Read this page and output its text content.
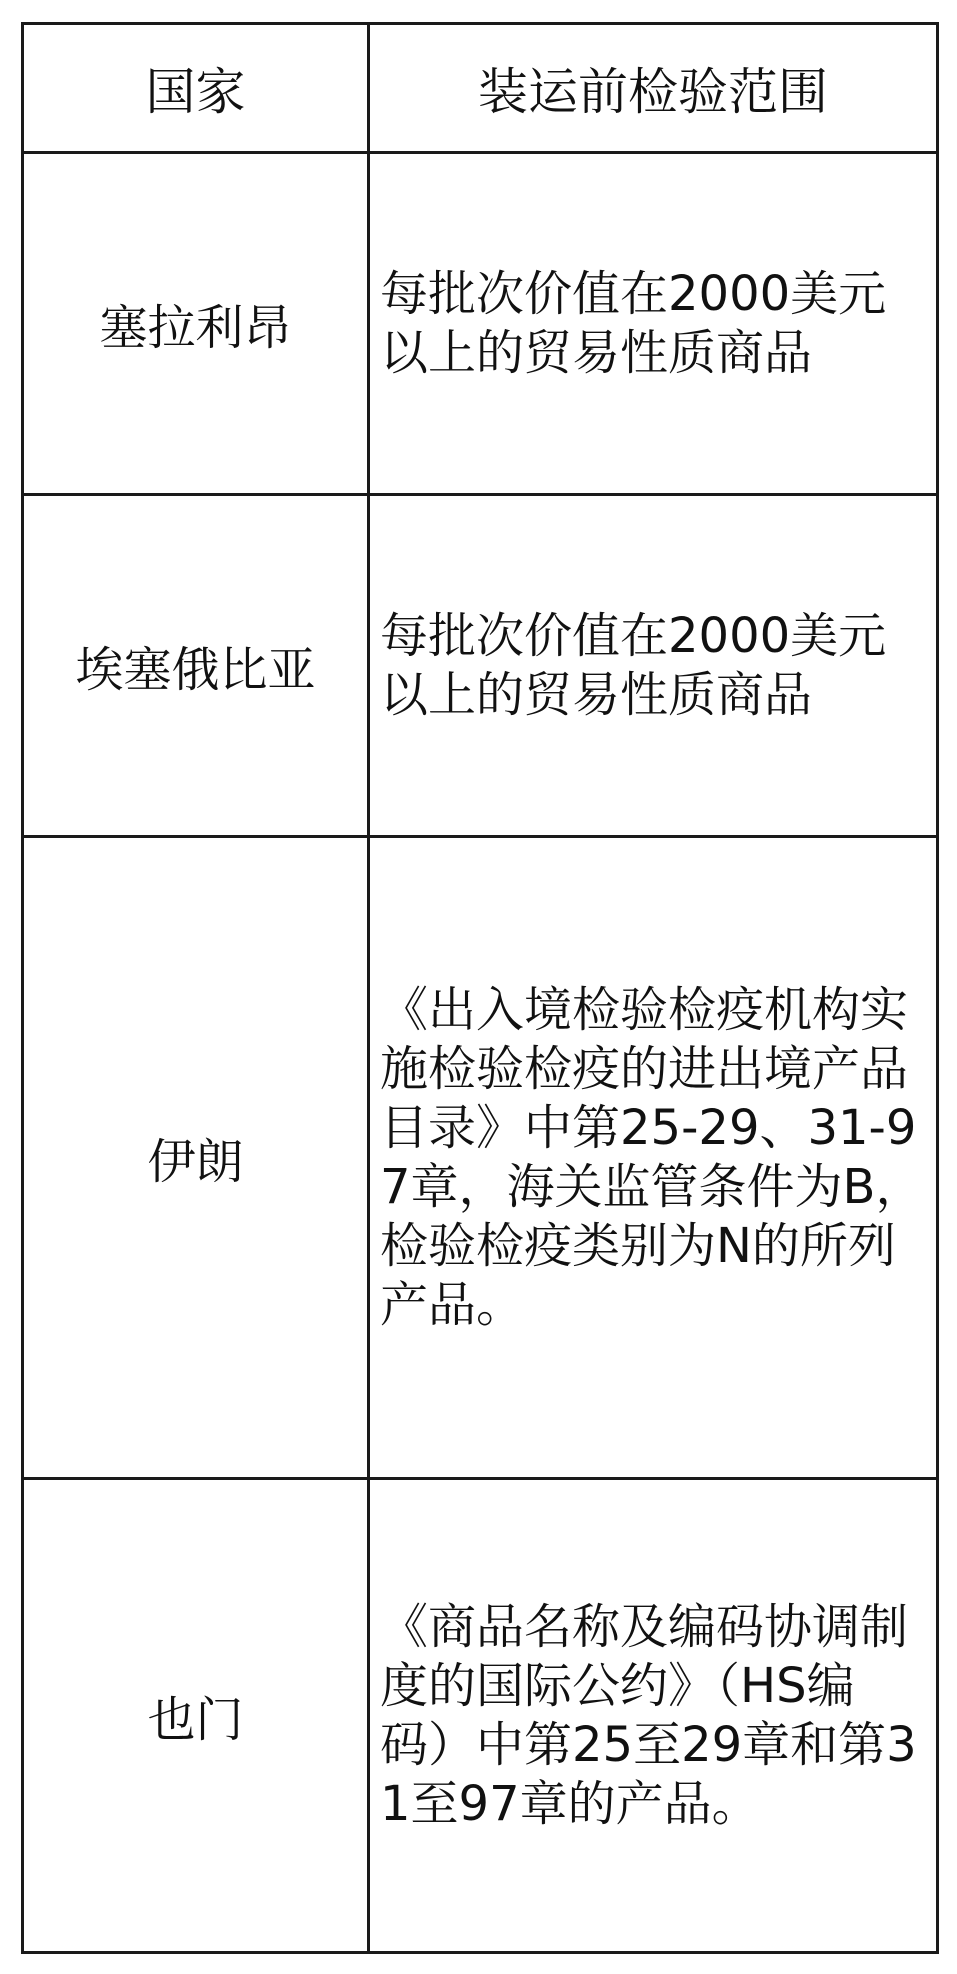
国家	装运前检验范围
塞拉利昂	每批次价值在2000美元以上的贸易性质商品
埃塞俄比亚	每批次价值在2000美元以上的贸易性质商品
伊朗	《出入境检验检疫机构实施检验检疫的进出境产品目录》中第25-29、31-97章，海关监管条件为B，检验检疫类别为N的所列产品。
也门	《商品名称及编码协调制度的国际公约》（HS编码）中第25至29章和第31至97章的产品。
